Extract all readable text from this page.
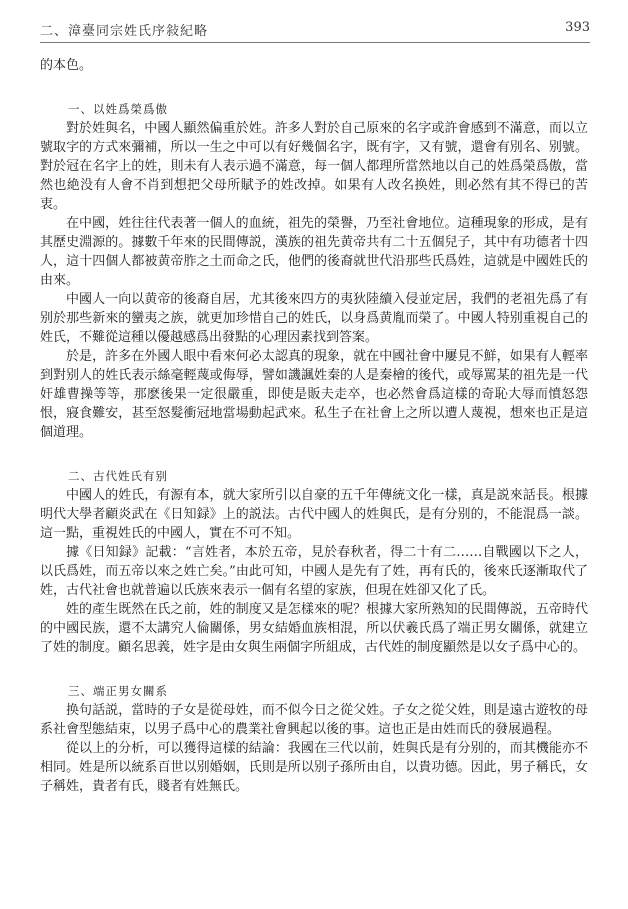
二、漳臺同宗姓氏序敍紀略	393

的本色。

一、以姓爲榮爲傲

對於姓與名，中國人顯然偏重於姓。許多人對於自己原來的名字或許會感到不滿意，而以立號取字的方式來彌補，所以一生之中可以有好幾個名字，既有字，又有號，還會有別名、别號。對於冠在名字上的姓，則未有人表示過不滿意，每一個人都理所當然地以自己的姓爲榮爲傲，當然也絶没有人會不肖到想把父母所賦予的姓改掉。如果有人改名换姓，則必然有其不得已的苦衷。

在中國，姓往往代表著一個人的血統，祖先的榮譽，乃至社會地位。這種現象的形成，是有其歷史淵源的。據數千年來的民間傳説，漢族的祖先黄帝共有二十五個兒子，其中有功德者十四人，這十四個人都被黄帝胙之土而命之氏，他們的後裔就世代沿那些氏爲姓，這就是中國姓氏的由來。

中國人一向以黄帝的後裔自居，尤其後來四方的夷狄陸續入侵並定居，我們的老祖先爲了有别於那些新來的蠻夷之族，就更加珍惜自己的姓氏，以身爲黄胤而榮了。中國人特别重視自己的姓氏，不難從這種以優越感爲出發點的心理因素找到答案。

於是，許多在外國人眼中看來何必太認真的現象，就在中國社會中屢見不鮮，如果有人輕率到對别人的姓氏表示絲毫輕蔑或侮辱，譬如譏諷姓秦的人是秦檜的後代，或辱罵某的祖先是一代奸雄曹操等等，那麽後果一定很嚴重，即使是販夫走卒，也必然會爲這樣的奇恥大辱而憤怒怨恨，寢食難安，甚至怒髮衝冠地當場動起武來。私生子在社會上之所以遭人蔑視，想來也正是這個道理。

二、古代姓氏有别

中國人的姓氏，有源有本，就大家所引以自豪的五千年傳統文化一樣，真是説來話長。根據明代大學者顧炎武在《日知録》上的説法。古代中國人的姓與氏，是有分别的，不能混爲一談。這一點，重視姓氏的中國人，實在不可不知。

據《日知録》記載：“言姓者，本於五帝，見於春秋者，得二十有二……自戰國以下之人，以氏爲姓，而五帝以來之姓亡矣。”由此可知，中國人是先有了姓，再有氏的，後來氏逐漸取代了姓，古代社會也就普遍以氏族來表示一個有名望的家族，但現在姓卻又化了氏。

姓的產生既然在氏之前，姓的制度又是怎樣來的呢？根據大家所熟知的民間傳説，五帝時代的中國民族，還不太講究人倫關係，男女結婚血族相混，所以伏羲氏爲了端正男女關係，就建立了姓的制度。顧名思義，姓字是由女與生兩個字所組成，古代姓的制度顯然是以女子爲中心的。

三、端正男女關系

换句話説，當時的子女是從母姓，而不似今日之從父姓。子女之從父姓，則是遠古遊牧的母系社會型態結束，以男子爲中心的農業社會興起以後的事。這也正是由姓而氏的發展過程。

從以上的分析，可以獲得這樣的結論：我國在三代以前，姓與氏是有分别的，而其機能亦不相同。姓是所以統系百世以别婚姻，氏則是所以别子孫所由自，以貴功德。因此，男子稱氏，女子稱姓，貴者有氏，賤者有姓無氏。
